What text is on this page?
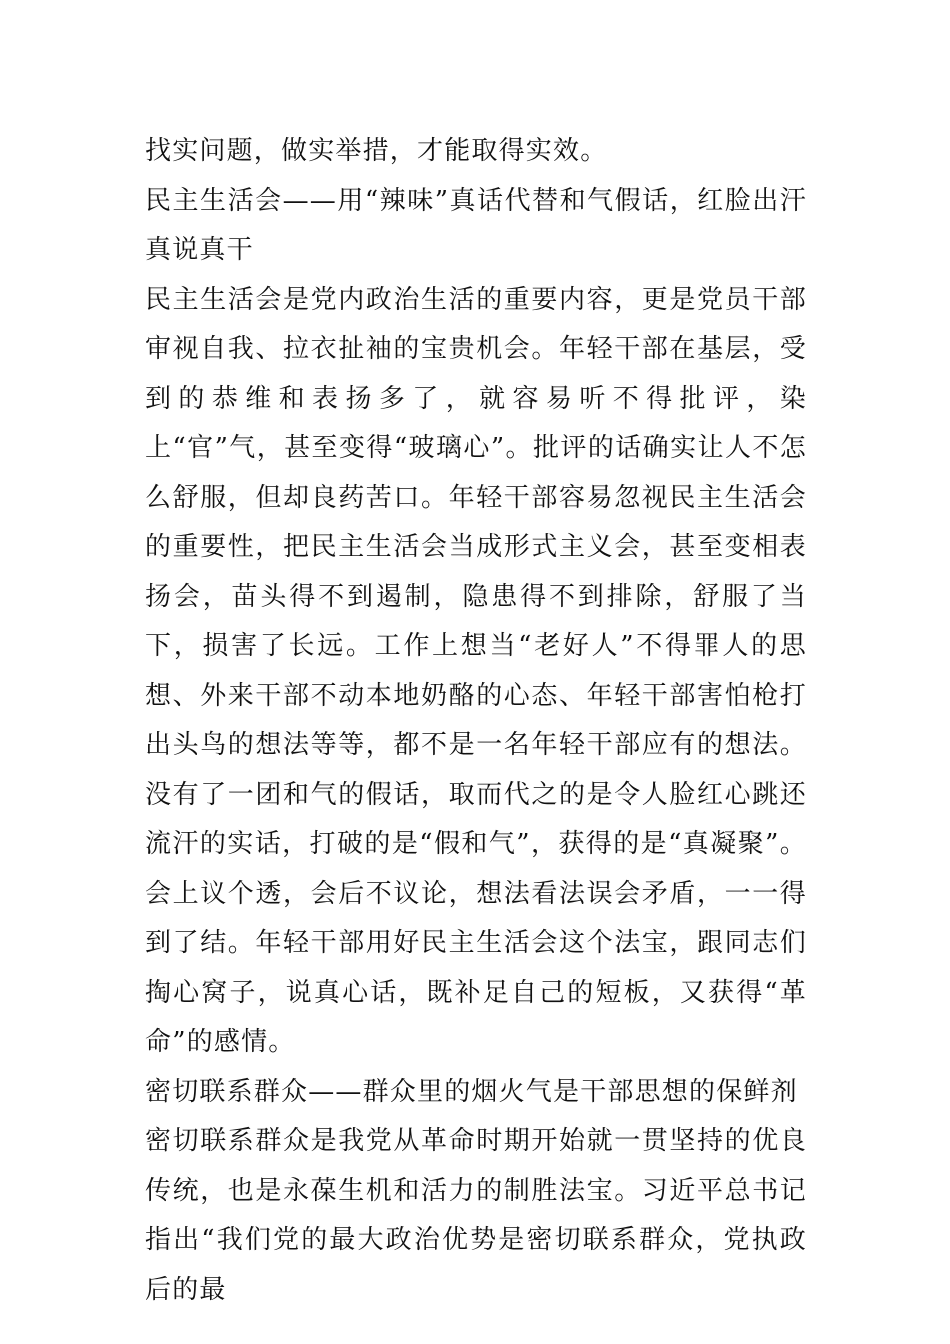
找实问题，做实举措，才能取得实效。

民主生活会——用“辣味”真话代替和气假话，红脸出汗真说真干

民主生活会是党内政治生活的重要内容，更是党员干部审视自我、拉衣扯袖的宝贵机会。年轻干部在基层，受到的恭维和表扬多了，就容易听不得批评，染上“官”气，甚至变得“玻璃心”。批评的话确实让人不怎么舒服，但却良药苦口。年轻干部容易忽视民主生活会的重要性，把民主生活会当成形式主义会，甚至变相表扬会，苗头得不到遏制，隐患得不到排除，舒服了当下，损害了长远。工作上想当“老好人”不得罪人的思想、外来干部不动本地奶酪的心态、年轻干部害怕枪打出头鸟的想法等等，都不是一名年轻干部应有的想法。没有了一团和气的假话，取而代之的是令人脸红心跳还流汗的实话，打破的是“假和气”，获得的是“真凝聚”。会上议个透，会后不议论，想法看法误会矛盾，一一得到了结。年轻干部用好民主生活会这个法宝，跟同志们掏心窝子，说真心话，既补足自己的短板，又获得“革命”的感情。

密切联系群众——群众里的烟火气是干部思想的保鲜剂

密切联系群众是我党从革命时期开始就一贯坚持的优良传统，也是永葆生机和活力的制胜法宝。习近平总书记指出“我们党的最大政治优势是密切联系群众，党执政后的最
